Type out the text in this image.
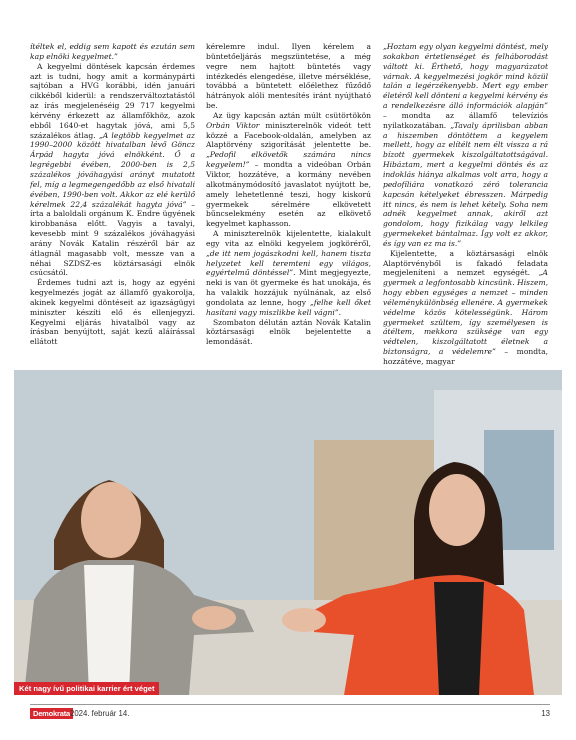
ítéltek el, eddig sem kapott és ezután sem kap elnöki kegyelmet.”

A kegyelmi döntések kapcsán érdemes azt is tudni, hogy amit a kormánypárti sajtóban a HVG korábbi, idén januári cikkéből kiderül: a rendszerváltoztatástól az írás megjelenéséig 29 717 kegyelmi kérvény érkezett az államfőkhöz, azok ebből 1640-et hagytak jóvá, ami 5,5 százalékos átlag. „A legtöbb kegyelmet az 1990–2000 között hivatalban lévő Göncz Árpád hagyta jóvá elnökként. Ő a legrégebbi évében, 2000-ben is 2,5 százalékos jóváhagyási arányt mutatott fel, míg a legmegengedőbb az első hivatali évében, 1990-ben volt. Akkor az elé kerülő kérelmek 22,4 százalékát hagyta jóvá” – írta a baloldali orgánum K. Endre ügyének kirobbanása előtt. Vagyis a tavalyi, kevesebb mint 9 százalékos jóváhagyási arány Novák Katalin részéről bár az átlagnál magasabb volt, messze van a néhai SZDSZ-es köztársasági elnök csúcsától.

Érdemes tudni azt is, hogy az egyéni kegyelmezés jogát az államfő gyakorolja, akinek kegyelmi döntéseit az igazságügyi miniszter készíti elő és ellenjegyzi. Kegyelmi eljárás hivatalból vagy az írásban benyújtott, saját kezű aláírással ellátott

kérelemre indul. Ilyen kérelem a büntetőeljárás megszüntetése, a még vegre nem hajtott büntetés vagy intézkedés elengedése, illetve mérséklése, továbbá a büntetett előélethez fűződő hátrányok alóli mentesítés iránt nyújtható be.

Az ügy kapcsán aztán múlt csütörtökön Orbán Viktor miniszterelnök videót tett közzé a Facebook-oldalán, amelyben az Alaptörvény szigorítását jelentette be. „Pedofil elkövetők számára nincs kegyelem!” – mondta a videóban Orbán Viktor, hozzátéve, a kormány nevében alkotmánymódosító javaslatot nyújtott be, amely lehetetlenné teszi, hogy kiskorú gyermekek sérelmére elkövetett bűncselekmény esetén az elkövető kegyelmet kaphasson.

A miniszterelnök kijelentette, kialakult egy vita az elnöki kegyelem jogköréről, „de itt nem jogászkodni kell, hanem tiszta helyzetet kell teremteni egy világos, egyértelmű döntéssel”. Mint megjegyezte, neki is van öt gyermeke és hat unokája, és ha valakik hozzájuk nyúlnának, az első gondolata az lenne, hogy „felhe kell őket hasítani vagy miszlikbe kell vágni”.

Szombaton délután aztán Novák Katalin köztársasági elnök bejelentette a lemondását.

„Hoztam egy olyan kegyelmi döntést, mely sokakban értetlenséget és felháborodást váltott ki. Érthető, hogy magyarázatot várnak. A kegyelmezési jogkör mind közül talán a legérzékenyebb. Mert egy ember életéről kell dönteni a kegyelmi kérvény és a rendelkezésre álló információk alapján” – mondta az államfő televíziós nyilatkozatában. „Tavaly áprilisban abban a hiszemben döntöttem a kegyelem mellett, hogy az elítélt nem élt vissza a rá bízott gyermekek kiszolgáltatottságával. Hibáztam, mert a kegyelmi döntés és az indoklás hiánya alkalmas volt arra, hogy a pedofíliára vonatkozó zéró tolerancia kapcsán kételyeket ébresszen. Márpedig itt nincs, és nem is lehet kétely. Soha nem adnék kegyelmet annak, akiről azt gondolom, hogy fizikálag vagy lelkileg gyermekeket bántalmaz. Így volt ez akkor, és így van ez ma is.”

Kijelentette, a köztársasági elnök Alaptörvényből is fakadó feladata megjeleníteni a nemzet egységét. „A gyermek a legfontosabb kincsünk. Hiszem, hogy ebben egységes a nemzet – minden véleménykülönbség ellenére. A gyermekek védelme közös kötelességünk. Három gyermeket szültem, így személyesen is átéltem, mekkora szüksége van egy védtelen, kiszolgáltatott életnek a biztonságra, a védelemre” – mondta, hozzátéve, magyar

Két nagy ívű politikai karrier ért véget
Demokrata 2024. február 14.	13
